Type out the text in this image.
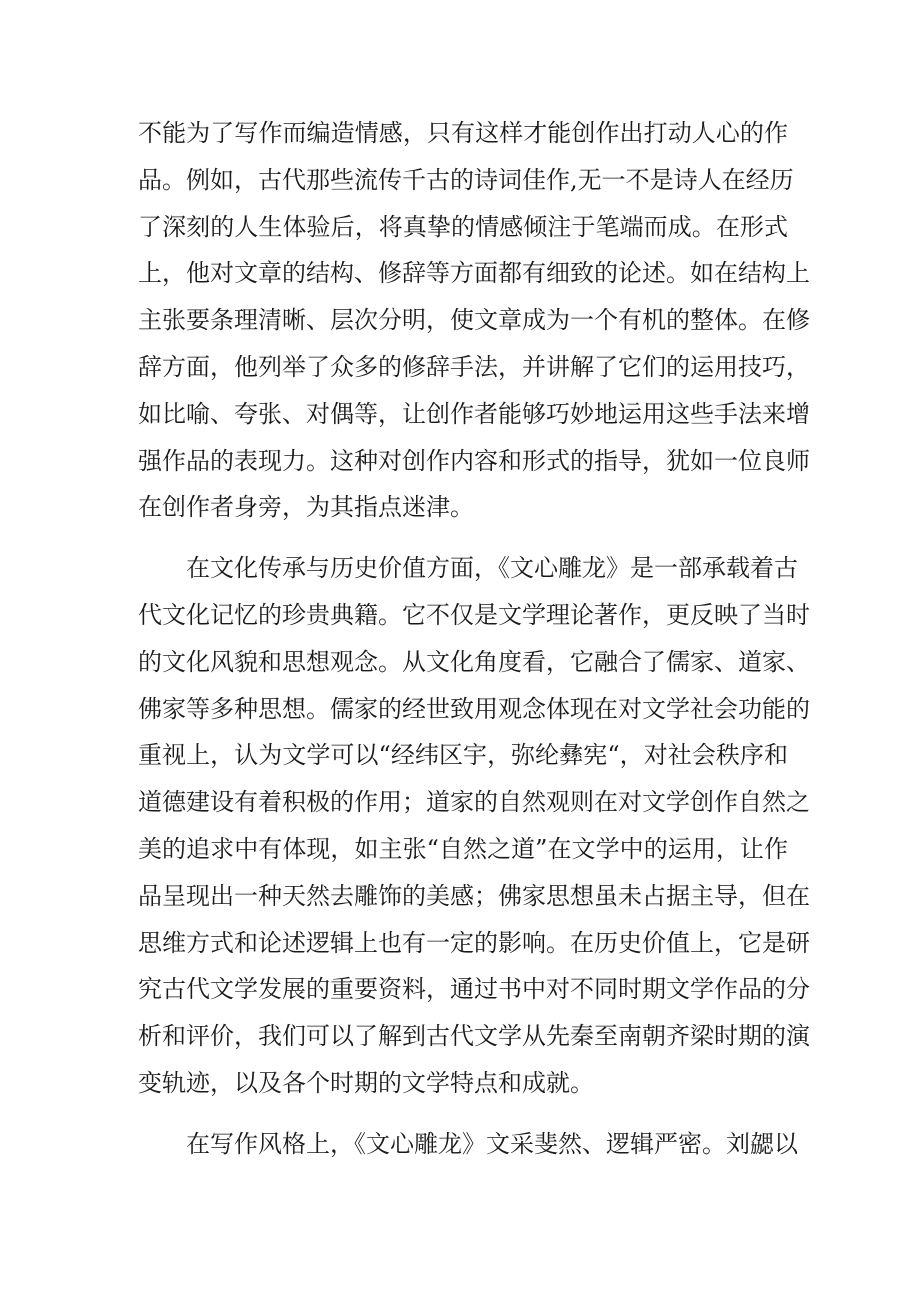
不能为了写作而编造情感，只有这样才能创作出打动人心的作
品。例如，古代那些流传千古的诗词佳作,无一不是诗人在经历
了深刻的人生体验后，将真挚的情感倾注于笔端而成。在形式
上，他对文章的结构、修辞等方面都有细致的论述。如在结构上
主张要条理清晰、层次分明，使文章成为一个有机的整体。在修
辞方面，他列举了众多的修辞手法，并讲解了它们的运用技巧，
如比喻、夸张、对偶等，让创作者能够巧妙地运用这些手法来增
强作品的表现力。这种对创作内容和形式的指导，犹如一位良师
在创作者身旁，为其指点迷津。
在文化传承与历史价值方面，《文心雕龙》是一部承载着古
代文化记忆的珍贵典籍。它不仅是文学理论著作，更反映了当时
的文化风貌和思想观念。从文化角度看，它融合了儒家、道家、
佛家等多种思想。儒家的经世致用观念体现在对文学社会功能的
重视上，认为文学可以“经纬区宇，弥纶彝宪“，对社会秩序和
道德建设有着积极的作用；道家的自然观则在对文学创作自然之
美的追求中有体现，如主张“自然之道”在文学中的运用，让作
品呈现出一种天然去雕饰的美感；佛家思想虽未占据主导，但在
思维方式和论述逻辑上也有一定的影响。在历史价值上，它是研
究古代文学发展的重要资料，通过书中对不同时期文学作品的分
析和评价，我们可以了解到古代文学从先秦至南朝齐梁时期的演
变轨迹，以及各个时期的文学特点和成就。
在写作风格上，《文心雕龙》文采斐然、逻辑严密。刘勰以
